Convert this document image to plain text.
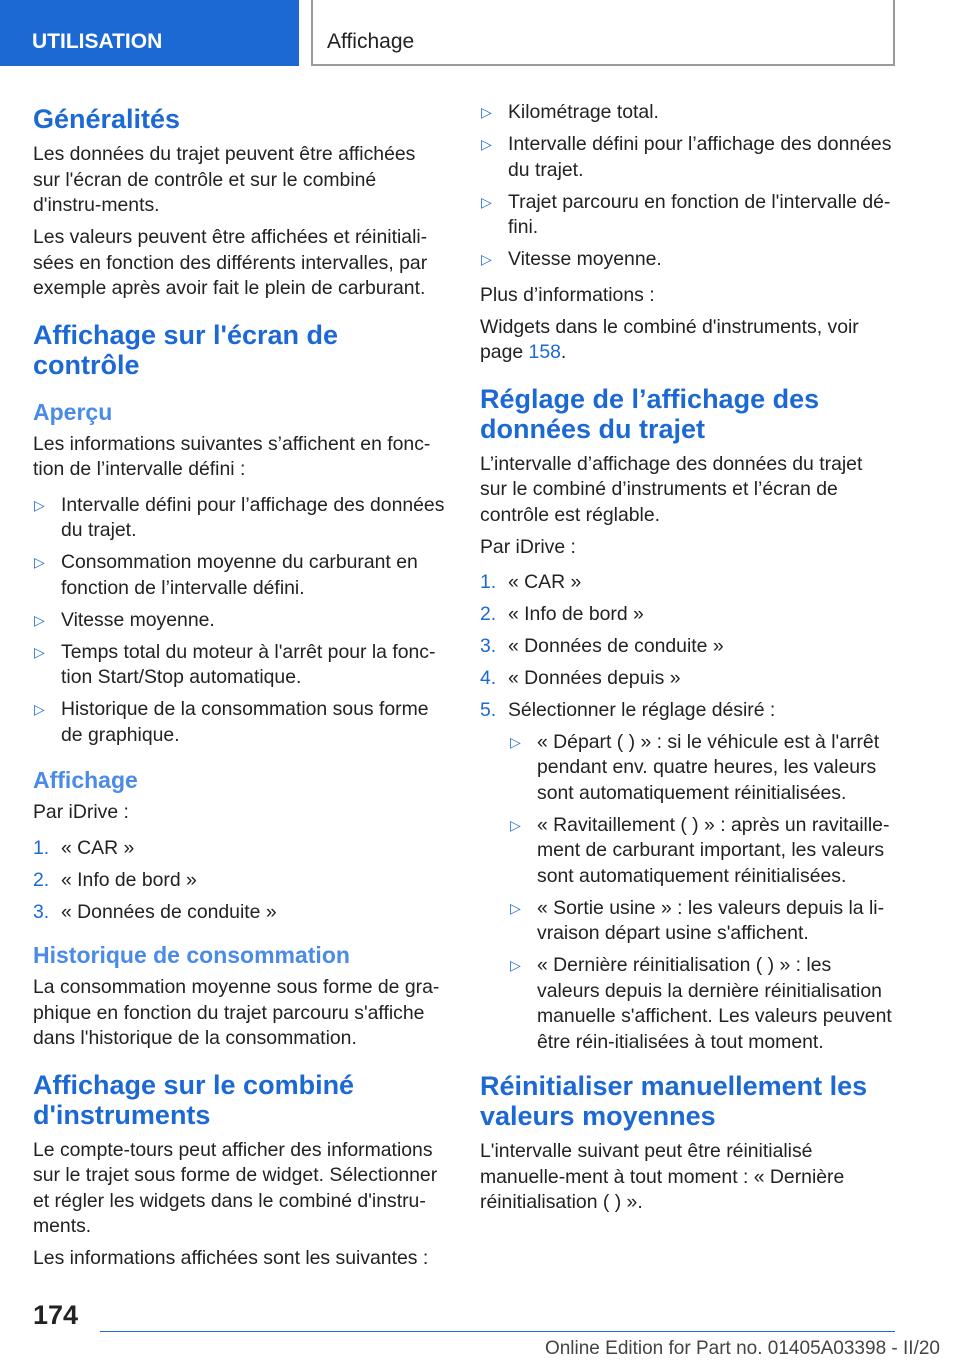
UTILISATION	Affichage
Généralités

Les données du trajet peuvent être affichées sur l'écran de contrôle et sur le combiné d'instru-ments.

Les valeurs peuvent être affichées et réinitiali-sées en fonction des différents intervalles, par exemple après avoir fait le plein de carburant.

Affichage sur l'écran de contrôle
Aperçu

Les informations suivantes s’affichent en fonc-tion de l’intervalle défini :

▷ Intervalle défini pour l’affichage des données du trajet.
▷ Consommation moyenne du carburant en fonction de l’intervalle défini.
▷ Vitesse moyenne.
▷ Temps total du moteur à l'arrêt pour la fonc-tion Start/Stop automatique.
▷ Historique de la consommation sous forme de graphique.
Affichage

Par iDrive :

1. « CAR »
2. « Info de bord »
3. « Données de conduite »
Historique de consommation

La consommation moyenne sous forme de gra-phique en fonction du trajet parcouru s'affiche dans l'historique de la consommation.

Affichage sur le combiné d'instruments

Le compte-tours peut afficher des informations sur le trajet sous forme de widget. Sélectionner et régler les widgets dans le combiné d'instru-ments.

Les informations affichées sont les suivantes :

▷ Kilométrage total.
▷ Intervalle défini pour l’affichage des données du trajet.
▷ Trajet parcouru en fonction de l'intervalle dé-fini.
▷ Vitesse moyenne.

Plus d’informations :

Widgets dans le combiné d'instruments, voir page 158.

Réglage de l’affichage des données du trajet

L’intervalle d’affichage des données du trajet sur le combiné d’instruments et l’écran de contrôle est réglable.

Par iDrive :

1. « CAR »
2. « Info de bord »
3. « Données de conduite »
4. « Données depuis »
5. Sélectionner le réglage désiré :
▷ « Départ ( ) » : si le véhicule est à l'arrêt pendant env. quatre heures, les valeurs sont automatiquement réinitialisées.
▷ « Ravitaillement ( ) » : après un ravitaille-ment de carburant important, les valeurs sont automatiquement réinitialisées.
▷ « Sortie usine » : les valeurs depuis la li-vraison départ usine s'affichent.
▷ « Dernière réinitialisation ( ) » : les valeurs depuis la dernière réinitialisation manuelle s'affichent. Les valeurs peuvent être réin-itialisées à tout moment.
Réinitialiser manuellement les valeurs moyennes

L'intervalle suivant peut être réinitialisé manuelle-ment à tout moment : « Dernière réinitialisation ( ) ».

174
Online Edition for Part no. 01405A03398 - II/20
